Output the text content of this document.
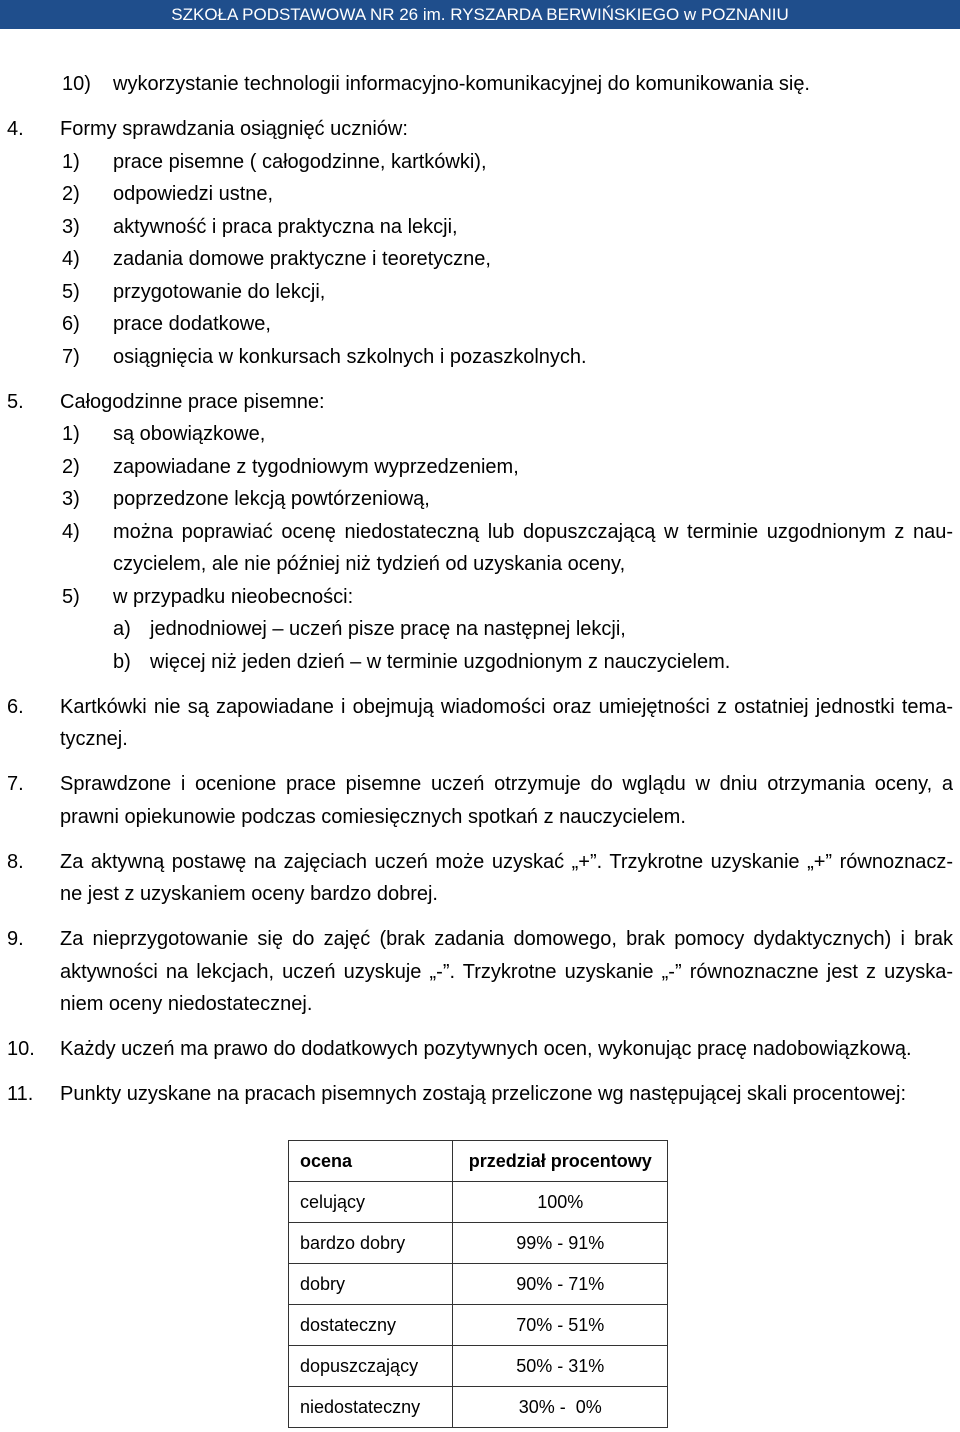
SZKOŁA PODSTAWOWA NR 26 im. RYSZARDA BERWIŃSKIEGO w POZNANIU
10) wykorzystanie technologii informacyjno-komunikacyjnej do komunikowania się.
4. Formy sprawdzania osiągnięć uczniów:
1) prace pisemne ( całogodzinne, kartkówki),
2) odpowiedzi ustne,
3) aktywność i praca praktyczna na lekcji,
4) zadania domowe praktyczne i teoretyczne,
5) przygotowanie do lekcji,
6) prace dodatkowe,
7) osiągnięcia w konkursach szkolnych i pozaszkolnych.
5. Całogodzinne prace pisemne:
1) są obowiązkowe,
2) zapowiadane z tygodniowym wyprzedzeniem,
3) poprzedzone lekcją powtórzeniową,
4) można poprawiać ocenę niedostateczną lub dopuszczającą w terminie uzgodnionym z nau-
czycielem, ale nie później niż tydzień od uzyskania oceny,
5) w przypadku nieobecności:
a) jednodniowej – uczeń pisze pracę na następnej lekcji,
b) więcej niż jeden dzień – w terminie uzgodnionym z nauczycielem.
6. Kartkówki nie są zapowiadane i obejmują wiadomości oraz umiejętności z ostatniej jednostki tema-
tycznej.
7. Sprawdzone i ocenione prace pisemne uczeń otrzymuje do wglądu w dniu otrzymania oceny, a
prawni opiekunowie podczas comiesięcznych spotkań z nauczycielem.
8. Za aktywną postawę na zajęciach uczeń może uzyskać „+”. Trzykrotne uzyskanie „+” równoznacz-
ne jest z uzyskaniem oceny bardzo dobrej.
9. Za nieprzygotowanie się do zajęć (brak zadania domowego, brak pomocy dydaktycznych) i brak
aktywności na lekcjach, uczeń uzyskuje „-”. Trzykrotne uzyskanie „-” równoznaczne jest z uzyska-
niem oceny niedostatecznej.
10. Każdy uczeń ma prawo do dodatkowych pozytywnych ocen, wykonując pracę nadobowiązkową.
11. Punkty uzyskane na pracach pisemnych zostają przeliczone wg następującej skali procentowej:
ocena	przedział procentowy
celujący	100%
bardzo dobry	99% - 91%
dobry	90% - 71%
dostateczny	70% - 51%
dopuszczający	50% - 31%
niedostateczny	30% -  0%
